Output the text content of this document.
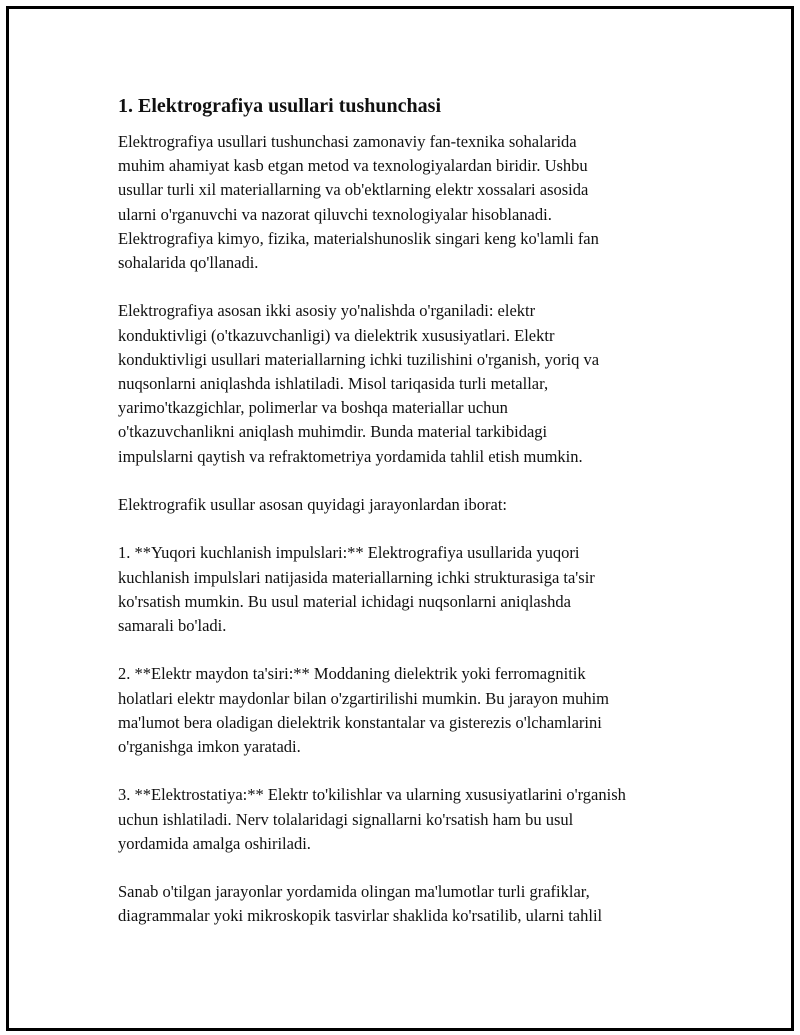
1. Elektrografiya usullari tushunchasi

Elektrografiya usullari tushunchasi zamonaviy fan-texnika sohalarida
muhim ahamiyat kasb etgan metod va texnologiyalardan biridir. Ushbu
usullar turli xil materiallarning va ob'ektlarning elektr xossalari asosida
ularni o'rganuvchi va nazorat qiluvchi texnologiyalar hisoblanadi.
Elektrografiya kimyo, fizika, materialshunoslik singari keng ko'lamli fan
sohalarida qo'llanadi.

Elektrografiya asosan ikki asosiy yo'nalishda o'rganiladi: elektr
konduktivligi (o'tkazuvchanligi) va dielektrik xususiyatlari. Elektr
konduktivligi usullari materiallarning ichki tuzilishini o'rganish, yoriq va
nuqsonlarni aniqlashda ishlatiladi. Misol tariqasida turli metallar,
yarimo'tkazgichlar, polimerlar va boshqa materiallar uchun
o'tkazuvchanlikni aniqlash muhimdir. Bunda material tarkibidagi
impulslarni qaytish va refraktometriya yordamida tahlil etish mumkin.

Elektrografik usullar asosan quyidagi jarayonlardan iborat:

1. **Yuqori kuchlanish impulslari:** Elektrografiya usullarida yuqori
kuchlanish impulslari natijasida materiallarning ichki strukturasiga ta'sir
ko'rsatish mumkin. Bu usul material ichidagi nuqsonlarni aniqlashda
samarali bo'ladi.

2. **Elektr maydon ta'siri:** Moddaning dielektrik yoki ferromagnitik
holatlari elektr maydonlar bilan o'zgartirilishi mumkin. Bu jarayon muhim
ma'lumot bera oladigan dielektrik konstantalar va gisterezis o'lchamlarini
o'rganishga imkon yaratadi.

3. **Elektrostatiya:** Elektr to'kilishlar va ularning xususiyatlarini o'rganish
uchun ishlatiladi. Nerv tolalaridagi signallarni ko'rsatish ham bu usul
yordamida amalga oshiriladi.

Sanab o'tilgan jarayonlar yordamida olingan ma'lumotlar turli grafiklar,
diagrammalar yoki mikroskopik tasvirlar shaklida ko'rsatilib, ularni tahlil
